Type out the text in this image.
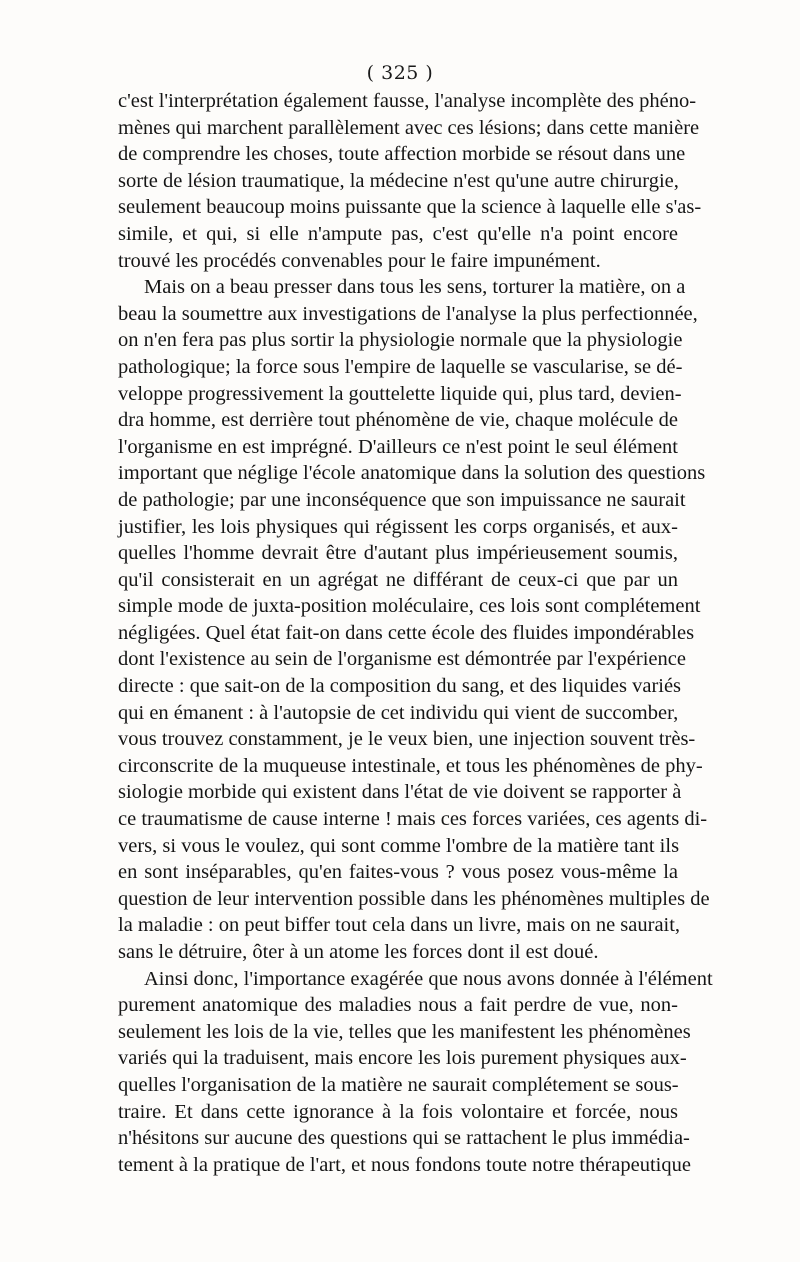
( 325 )
c'est l'interprétation également fausse, l'analyse incomplète des phéno-
mènes qui marchent parallèlement avec ces lésions; dans cette manière
de comprendre les choses, toute affection morbide se résout dans une
sorte de lésion traumatique, la médecine n'est qu'une autre chirurgie,
seulement beaucoup moins puissante que la science à laquelle elle s'as-
simile, et qui, si elle n'ampute pas, c'est qu'elle n'a point encore
trouvé les procédés convenables pour le faire impunément.
Mais on a beau presser dans tous les sens, torturer la matière, on a
beau la soumettre aux investigations de l'analyse la plus perfectionnée,
on n'en fera pas plus sortir la physiologie normale que la physiologie
pathologique; la force sous l'empire de laquelle se vascularise, se dé-
veloppe progressivement la gouttelette liquide qui, plus tard, devien-
dra homme, est derrière tout phénomène de vie, chaque molécule de
l'organisme en est imprégné. D'ailleurs ce n'est point le seul élément
important que néglige l'école anatomique dans la solution des questions
de pathologie; par une inconséquence que son impuissance ne saurait
justifier, les lois physiques qui régissent les corps organisés, et aux-
quelles l'homme devrait être d'autant plus impérieusement soumis,
qu'il consisterait en un agrégat ne différant de ceux-ci que par un
simple mode de juxta-position moléculaire, ces lois sont complétement
négligées. Quel état fait-on dans cette école des fluides impondérables
dont l'existence au sein de l'organisme est démontrée par l'expérience
directe : que sait-on de la composition du sang, et des liquides variés
qui en émanent : à l'autopsie de cet individu qui vient de succomber,
vous trouvez constamment, je le veux bien, une injection souvent très-
circonscrite de la muqueuse intestinale, et tous les phénomènes de phy-
siologie morbide qui existent dans l'état de vie doivent se rapporter à
ce traumatisme de cause interne ! mais ces forces variées, ces agents di-
vers, si vous le voulez, qui sont comme l'ombre de la matière tant ils
en sont inséparables, qu'en faites-vous ? vous posez vous-même la
question de leur intervention possible dans les phénomènes multiples de
la maladie : on peut biffer tout cela dans un livre, mais on ne saurait,
sans le détruire, ôter à un atome les forces dont il est doué.
Ainsi donc, l'importance exagérée que nous avons donnée à l'élément
purement anatomique des maladies nous a fait perdre de vue, non-
seulement les lois de la vie, telles que les manifestent les phénomènes
variés qui la traduisent, mais encore les lois purement physiques aux-
quelles l'organisation de la matière ne saurait complétement se sous-
traire. Et dans cette ignorance à la fois volontaire et forcée, nous
n'hésitons sur aucune des questions qui se rattachent le plus immédia-
tement à la pratique de l'art, et nous fondons toute notre thérapeutique
